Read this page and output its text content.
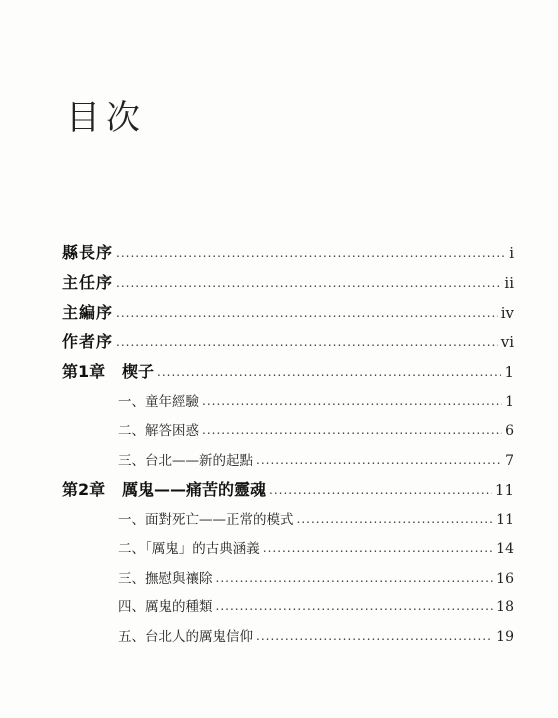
目次
縣長序 .....	i
主任序 .....	ii
主編序 .....	iv
作者序 .....	vi
第1章	楔子 .....	1
一、童年經驗 .....	1
二、解答困惑 .....	6
三、台北——新的起點 .....	7
第2章	厲鬼——痛苦的靈魂 .....	11
一、面對死亡——正常的模式 .....	11
二、「厲鬼」的古典涵義 .....	14
三、撫慰與禳除 .....	16
四、厲鬼的種類 .....	18
五、台北人的厲鬼信仰 .....	19
